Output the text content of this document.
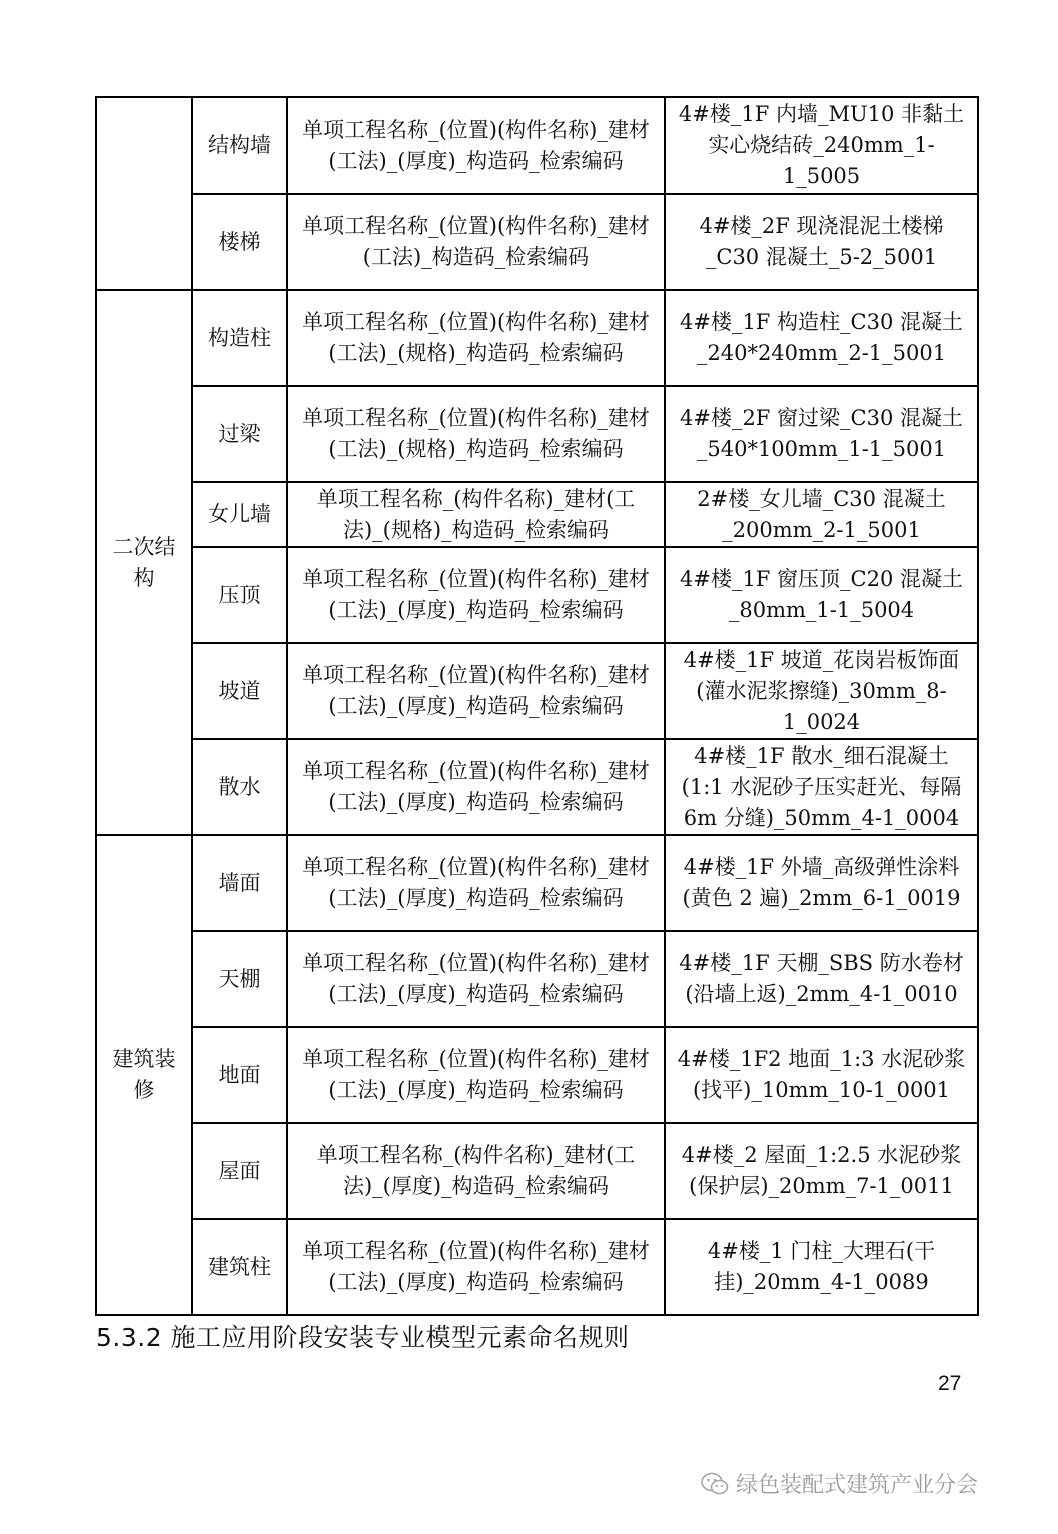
	结构墙	单项工程名称_(位置)(构件名称)_建材(工法)_(厚度)_构造码_检索编码	4#楼_1F 内墙_MU10 非黏土实心烧结砖_240mm_1-1_5005
	楼梯	单项工程名称_(位置)(构件名称)_建材(工法)_构造码_检索编码	4#楼_2F 现浇混泥土楼梯_C30 混凝土_5-2_5001
二次结构	构造柱	单项工程名称_(位置)(构件名称)_建材(工法)_(规格)_构造码_检索编码	4#楼_1F 构造柱_C30 混凝土_240*240mm_2-1_5001
	过梁	单项工程名称_(位置)(构件名称)_建材(工法)_(规格)_构造码_检索编码	4#楼_2F 窗过梁_C30 混凝土_540*100mm_1-1_5001
	女儿墙	单项工程名称_(构件名称)_建材(工法)_(规格)_构造码_检索编码	2#楼_女儿墙_C30 混凝土_200mm_2-1_5001
	压顶	单项工程名称_(位置)(构件名称)_建材(工法)_(厚度)_构造码_检索编码	4#楼_1F 窗压顶_C20 混凝土_80mm_1-1_5004
	坡道	单项工程名称_(位置)(构件名称)_建材(工法)_(厚度)_构造码_检索编码	4#楼_1F 坡道_花岗岩板饰面(灌水泥浆擦缝)_30mm_8-1_0024
	散水	单项工程名称_(位置)(构件名称)_建材(工法)_(厚度)_构造码_检索编码	4#楼_1F 散水_细石混凝土(1:1 水泥砂子压实赶光、每隔 6m 分缝)_50mm_4-1_0004
建筑装修	墙面	单项工程名称_(位置)(构件名称)_建材(工法)_(厚度)_构造码_检索编码	4#楼_1F 外墙_高级弹性涂料(黄色 2 遍)_2mm_6-1_0019
	天棚	单项工程名称_(位置)(构件名称)_建材(工法)_(厚度)_构造码_检索编码	4#楼_1F 天棚_SBS 防水卷材(沿墙上返)_2mm_4-1_0010
	地面	单项工程名称_(位置)(构件名称)_建材(工法)_(厚度)_构造码_检索编码	4#楼_1F2 地面_1:3 水泥砂浆(找平)_10mm_10-1_0001
	屋面	单项工程名称_(构件名称)_建材(工法)_(厚度)_构造码_检索编码	4#楼_2 屋面_1:2.5 水泥砂浆(保护层)_20mm_7-1_0011
	建筑柱	单项工程名称_(位置)(构件名称)_建材(工法)_(厚度)_构造码_检索编码	4#楼_1 门柱_大理石(干挂)_20mm_4-1_0089
5.3.2 施工应用阶段安装专业模型元素命名规则
27
绿色装配式建筑产业分会
